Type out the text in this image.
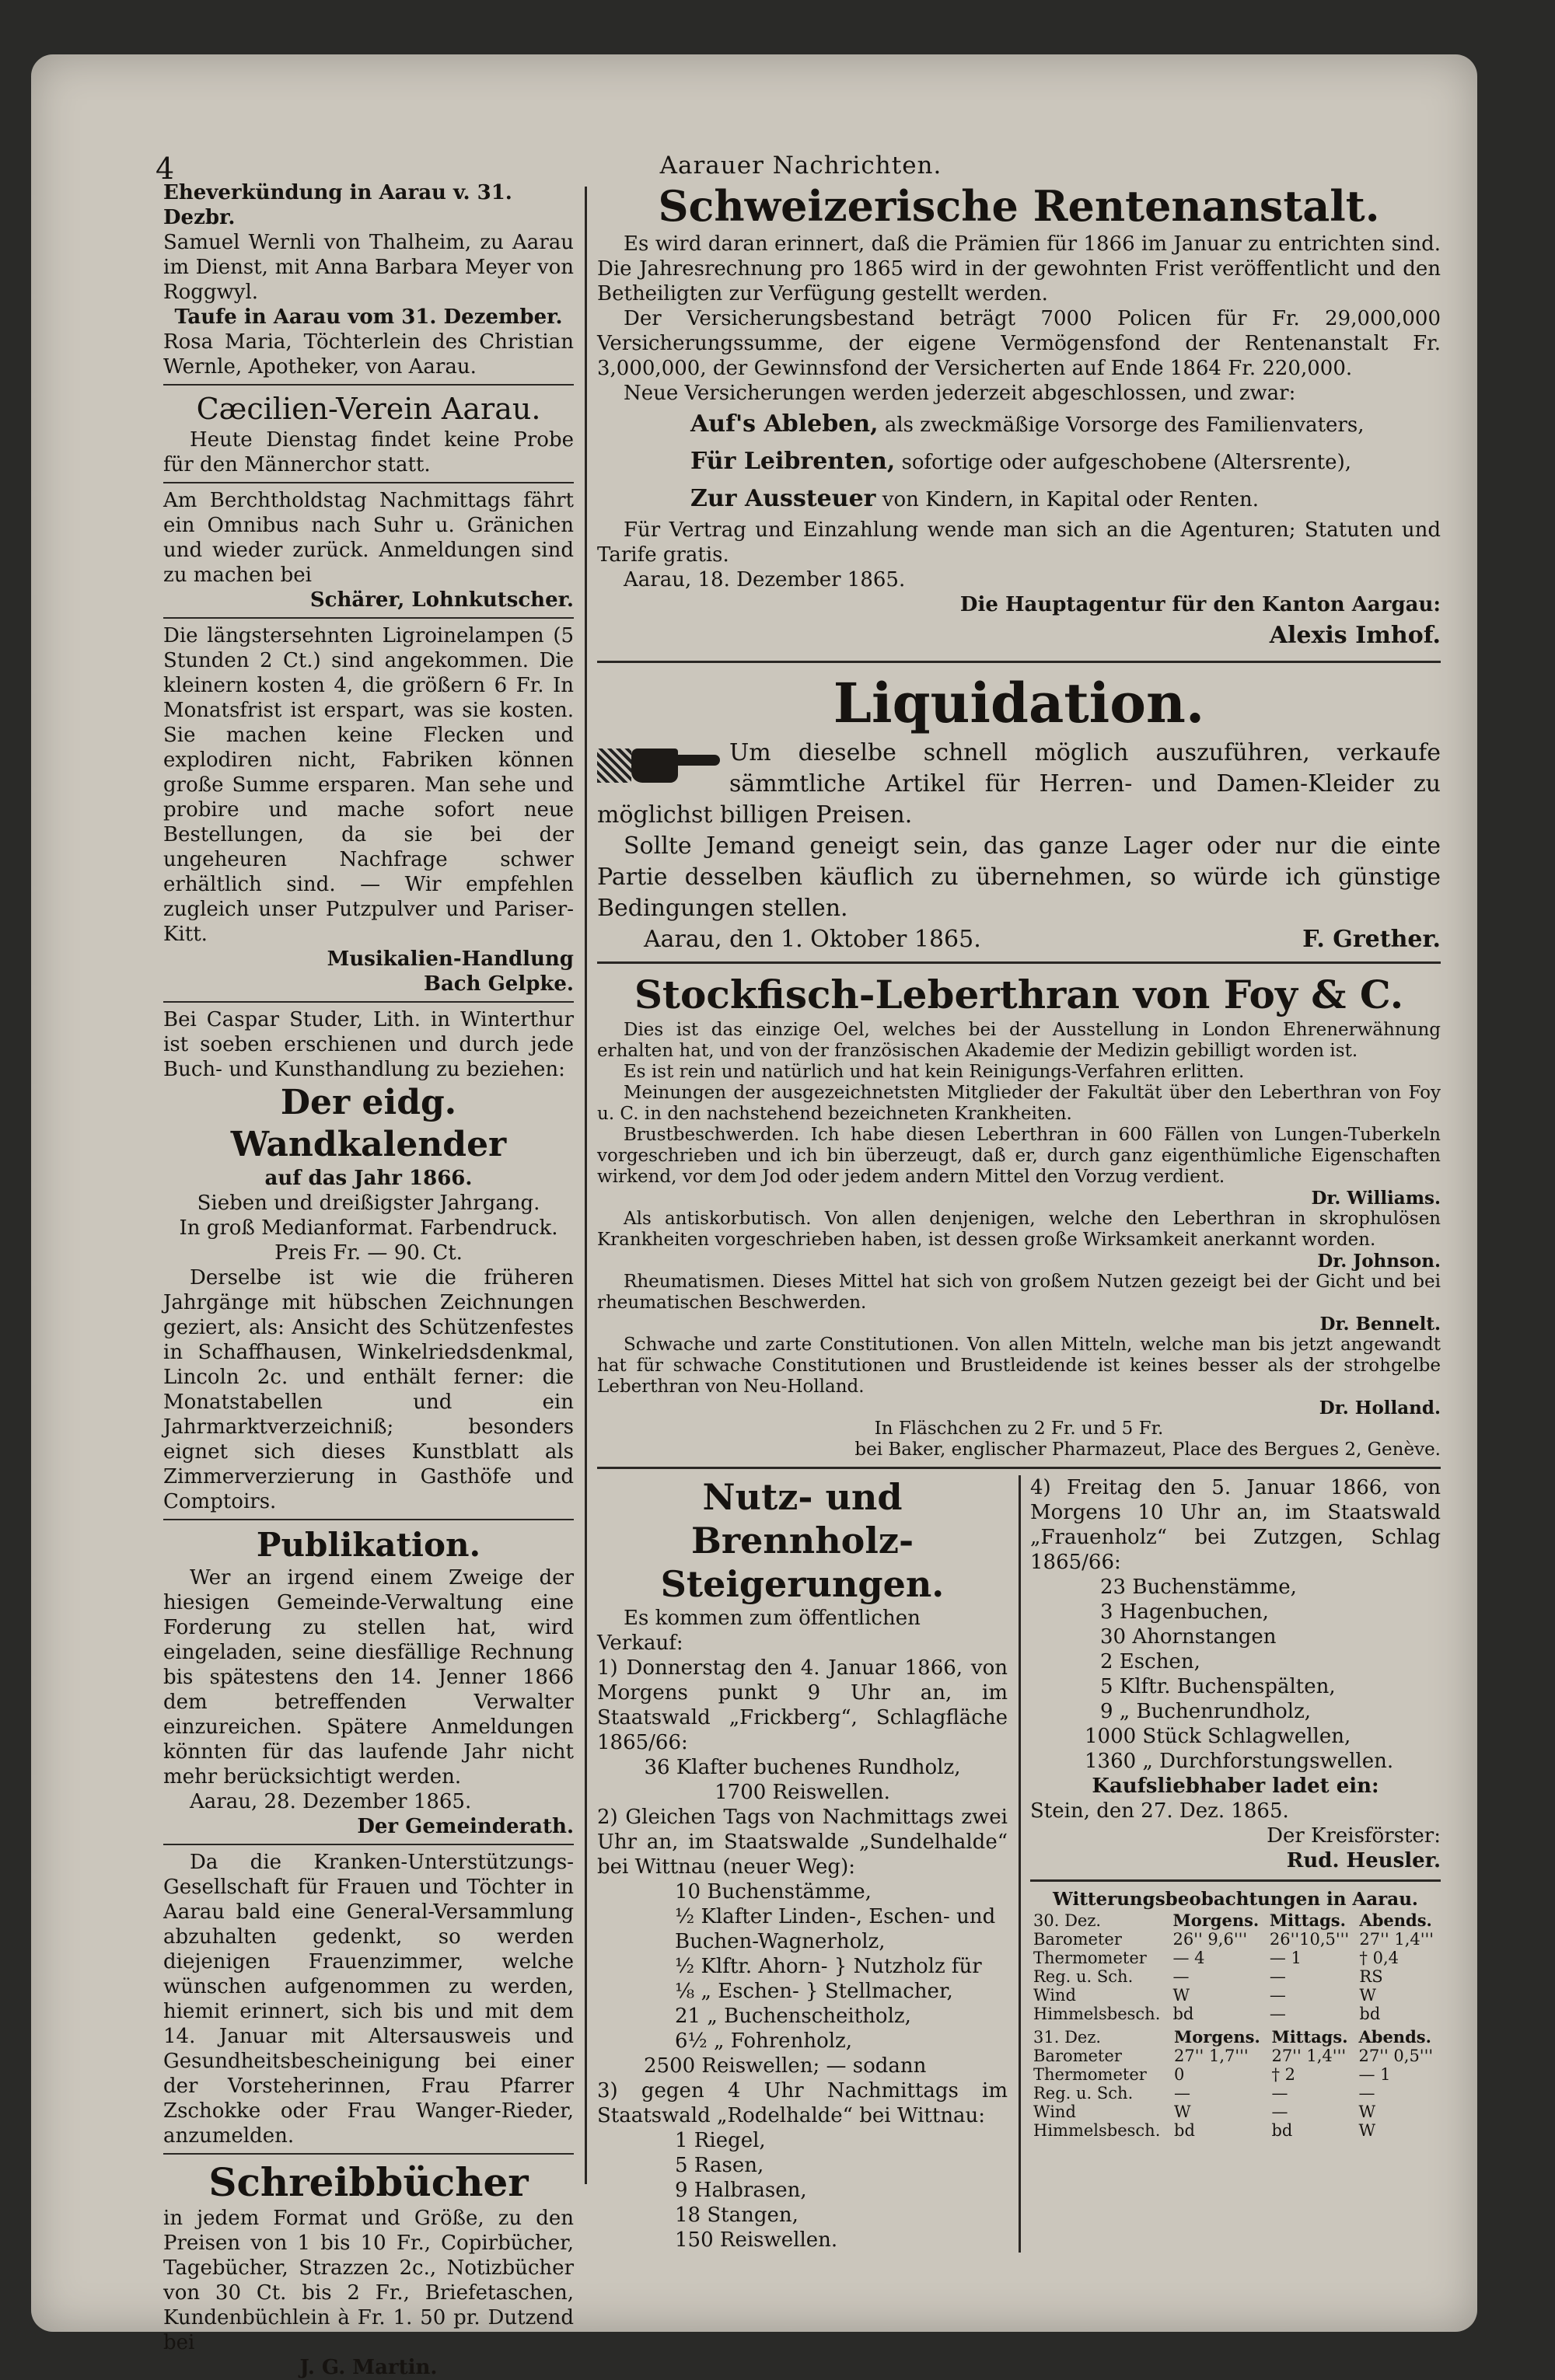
4	Aarauer Nachrichten.

Eheverkündung in Aarau v. 31. Dezbr.

Samuel Wernli von Thalheim, zu Aarau im Dienst, mit Anna Barbara Meyer von Roggwyl.

Taufe in Aarau vom 31. Dezember.

Rosa Maria, Töchterlein des Christian Wernle, Apotheker, von Aarau.

Cæcilien-Verein Aarau.

Heute Dienstag findet keine Probe für den Männerchor statt.

Am Berchtholdstag Nachmittags fährt ein Omnibus nach Suhr u. Gränichen und wieder zurück. Anmeldungen sind zu machen bei

Schärer, Lohnkutscher.

Die längstersehnten Ligroinelampen (5 Stunden 2 Ct.) sind angekommen. Die kleinern kosten 4, die größern 6 Fr. In Monatsfrist ist erspart, was sie kosten. Sie machen keine Flecken und explodiren nicht, Fabriken können große Summe ersparen. Man sehe und probire und mache sofort neue Bestellungen, da sie bei der ungeheuren Nachfrage schwer erhältlich sind. — Wir empfehlen zugleich unser Putzpulver und Pariser-Kitt.

Musikalien-Handlung

Bach Gelpke.

Bei Caspar Studer, Lith. in Winterthur ist soeben erschienen und durch jede Buch- und Kunsthandlung zu beziehen:

Der eidg. Wandkalender

auf das Jahr 1866.

Sieben und dreißigster Jahrgang.

In groß Medianformat. Farbendruck.

Preis Fr. — 90. Ct.

Derselbe ist wie die früheren Jahrgänge mit hübschen Zeichnungen geziert, als: Ansicht des Schützenfestes in Schaffhausen, Winkelriedsdenkmal, Lincoln 2c. und enthält ferner: die Monatstabellen und ein Jahrmarktverzeichniß; besonders eignet sich dieses Kunstblatt als Zimmerverzierung in Gasthöfe und Comptoirs.

Publikation.

Wer an irgend einem Zweige der hiesigen Gemeinde-Verwaltung eine Forderung zu stellen hat, wird eingeladen, seine diesfällige Rechnung bis spätestens den 14. Jenner 1866 dem betreffenden Verwalter einzureichen. Spätere Anmeldungen könnten für das laufende Jahr nicht mehr berücksichtigt werden.

Aarau, 28. Dezember 1865.

Der Gemeinderath.

Da die Kranken-Unterstützungs-Gesellschaft für Frauen und Töchter in Aarau bald eine General-Versammlung abzuhalten gedenkt, so werden diejenigen Frauenzimmer, welche wünschen aufgenommen zu werden, hiemit erinnert, sich bis und mit dem 14. Januar mit Altersausweis und Gesundheitsbescheinigung bei einer der Vorsteherinnen, Frau Pfarrer Zschokke oder Frau Wanger-Rieder, anzumelden.

Schreibbücher

in jedem Format und Größe, zu den Preisen von 1 bis 10 Fr., Copirbücher, Tagebücher, Strazzen 2c., Notizbücher von 30 Ct. bis 2 Fr., Briefetaschen, Kundenbüchlein à Fr. 1. 50 pr. Dutzend bei

J. G. Martin.

Schweizerische Rentenanstalt.

Es wird daran erinnert, daß die Prämien für 1866 im Januar zu entrichten sind. Die Jahresrechnung pro 1865 wird in der gewohnten Frist veröffentlicht und den Betheiligten zur Verfügung gestellt werden.

Der Versicherungsbestand beträgt 7000 Policen für Fr. 29,000,000 Versicherungssumme, der eigene Vermögensfond der Rentenanstalt Fr. 3,000,000, der Gewinnsfond der Versicherten auf Ende 1864 Fr. 220,000.

Neue Versicherungen werden jederzeit abgeschlossen, und zwar:

Auf's Ableben, als zweckmäßige Vorsorge des Familienvaters,

Für Leibrenten, sofortige oder aufgeschobene (Altersrente),

Zur Aussteuer von Kindern, in Kapital oder Renten.

Für Vertrag und Einzahlung wende man sich an die Agenturen; Statuten und Tarife gratis.

Aarau, 18. Dezember 1865.

Die Hauptagentur für den Kanton Aargau:

Alexis Imhof.

Liquidation.

Um dieselbe schnell möglich auszuführen, verkaufe sämmtliche Artikel für Herren- und Damen-Kleider zu möglichst billigen Preisen.

Sollte Jemand geneigt sein, das ganze Lager oder nur die einte Partie desselben käuflich zu übernehmen, so würde ich günstige Bedingungen stellen.

Aarau, den 1. Oktober 1865.	F. Grether.

Stockfisch-Leberthran von Foy & C.

Dies ist das einzige Oel, welches bei der Ausstellung in London Ehrenerwähnung erhalten hat, und von der französischen Akademie der Medizin gebilligt worden ist.

Es ist rein und natürlich und hat kein Reinigungs-Verfahren erlitten.

Meinungen der ausgezeichnetsten Mitglieder der Fakultät über den Leberthran von Foy u. C. in den nachstehend bezeichneten Krankheiten.

Brustbeschwerden. Ich habe diesen Leberthran in 600 Fällen von Lungen-Tuberkeln vorgeschrieben und ich bin überzeugt, daß er, durch ganz eigenthümliche Eigenschaften wirkend, vor dem Jod oder jedem andern Mittel den Vorzug verdient.

Dr. Williams.

Als antiskorbutisch. Von allen denjenigen, welche den Leberthran in skrophulösen Krankheiten vorgeschrieben haben, ist dessen große Wirksamkeit anerkannt worden.

Dr. Johnson.

Rheumatismen. Dieses Mittel hat sich von großem Nutzen gezeigt bei der Gicht und bei rheumatischen Beschwerden.

Dr. Bennelt.

Schwache und zarte Constitutionen. Von allen Mitteln, welche man bis jetzt angewandt hat für schwache Constitutionen und Brustleidende ist keines besser als der strohgelbe Leberthran von Neu-Holland.

Dr. Holland.

In Fläschchen zu 2 Fr. und 5 Fr.

bei Baker, englischer Pharmazeut, Place des Bergues 2, Genève.

Nutz- und Brennholz-

Steigerungen.

Es kommen zum öffentlichen Verkauf:

1) Donnerstag den 4. Januar 1866, von Morgens punkt 9 Uhr an, im Staatswald „Frickberg“, Schlagfläche 1865/66:

36 Klafter buchenes Rundholz,

1700 Reiswellen.

2) Gleichen Tags von Nachmittags zwei Uhr an, im Staatswalde „Sundelhalde“ bei Wittnau (neuer Weg):

10 Buchenstämme,

½ Klafter Linden-, Eschen- und Buchen-Wagnerholz,

½ Klftr. Ahorn- } Nutzholz für

⅛ „ Eschen- } Stellmacher,

21 „ Buchenscheitholz,

6½ „ Fohrenholz,

2500 Reiswellen; — sodann

3) gegen 4 Uhr Nachmittags im Staatswald „Rodelhalde“ bei Wittnau:

1 Riegel,

5 Rasen,

9 Halbrasen,

18 Stangen,

150 Reiswellen.

4) Freitag den 5. Januar 1866, von Morgens 10 Uhr an, im Staatswald „Frauenholz“ bei Zutzgen, Schlag 1865/66:

23 Buchenstämme,

3 Hagenbuchen,

30 Ahornstangen

2 Eschen,

5 Klftr. Buchenspälten,

9 „ Buchenrundholz,

1000 Stück Schlagwellen,

1360 „ Durchforstungswellen.

Kaufsliebhaber ladet ein:

Stein, den 27. Dez. 1865.

Der Kreisförster:

Rud. Heusler.

Witterungsbeobachtungen in Aarau.

30. Dez.	Morgens.	Mittags.	Abends.
Barometer	26'' 9,6'''	26''10,5'''	27'' 1,4'''
Thermometer	— 4	— 1	† 0,4
Reg. u. Sch.	—	—	RS
Wind	W	—	W
Himmelsbesch.	bd	—	bd
31. Dez.	Morgens.	Mittags.	Abends.
Barometer	27'' 1,7'''	27'' 1,4'''	27'' 0,5'''
Thermometer	0	† 2	— 1
Reg. u. Sch.	—	—	—
Wind	W	—	W
Himmelsbesch.	bd	bd	W
